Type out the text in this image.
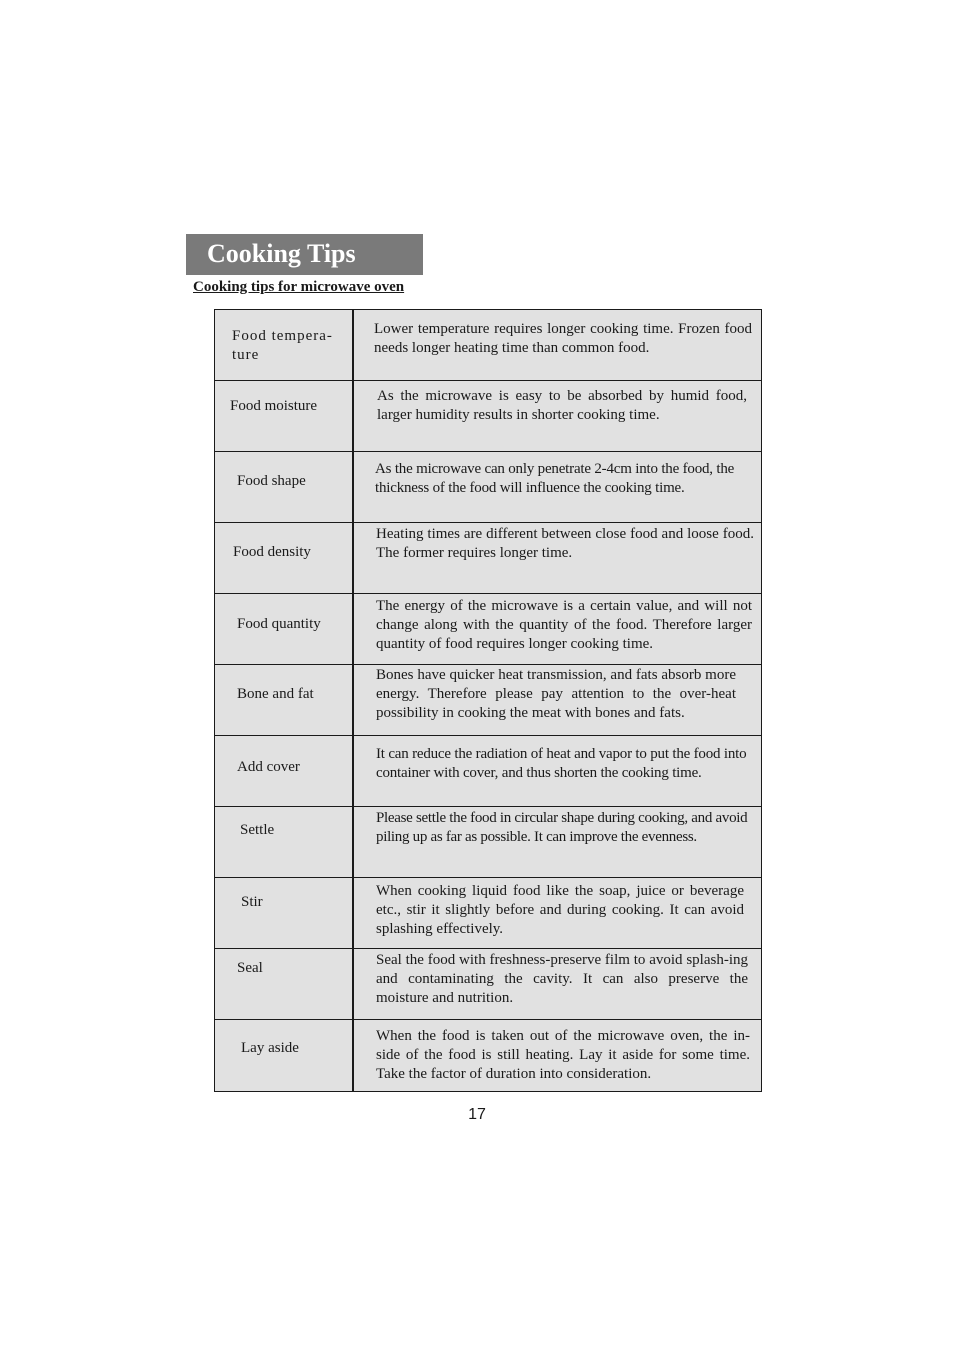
Cooking Tips
Cooking tips for microwave oven
Food tempera-ture
Lower temperature requires longer cooking time. Frozen food needs longer heating time than common food.
Food moisture
As the microwave is easy to be absorbed by humid food, larger humidity results in shorter cooking time.
Food shape
As the microwave can only penetrate 2-4cm into the food, the thickness of the food will influence the cooking time.
Food density
Heating times are different between close food and loose food. The former requires longer time.
Food quantity
The energy of the microwave is a certain value, and will not change along with the quantity of the food. Therefore larger quantity of food requires longer cooking time.
Bone and fat
Bones have quicker heat transmission, and fats absorb more energy. Therefore please pay attention to the over-heat possibility in cooking the meat with bones and fats.
Add cover
It can reduce the radiation of heat and vapor to put the food into container with cover, and thus shorten the cooking time.
Settle
Please settle the food in circular shape during cooking, and avoid piling up as far as possible. It can improve the evenness.
Stir
When cooking liquid food like the soap, juice or beverage etc., stir it slightly before and during cooking. It can avoid splashing effectively.
Seal	Seal the food with freshness-preserve film to avoid splash-ing and contaminating the cavity. It can also preserve the moisture and nutrition.
Lay aside
When the food is taken out of the microwave oven, the in-side of the food is still heating. Lay it aside for some time. Take the factor of duration into consideration.
17
